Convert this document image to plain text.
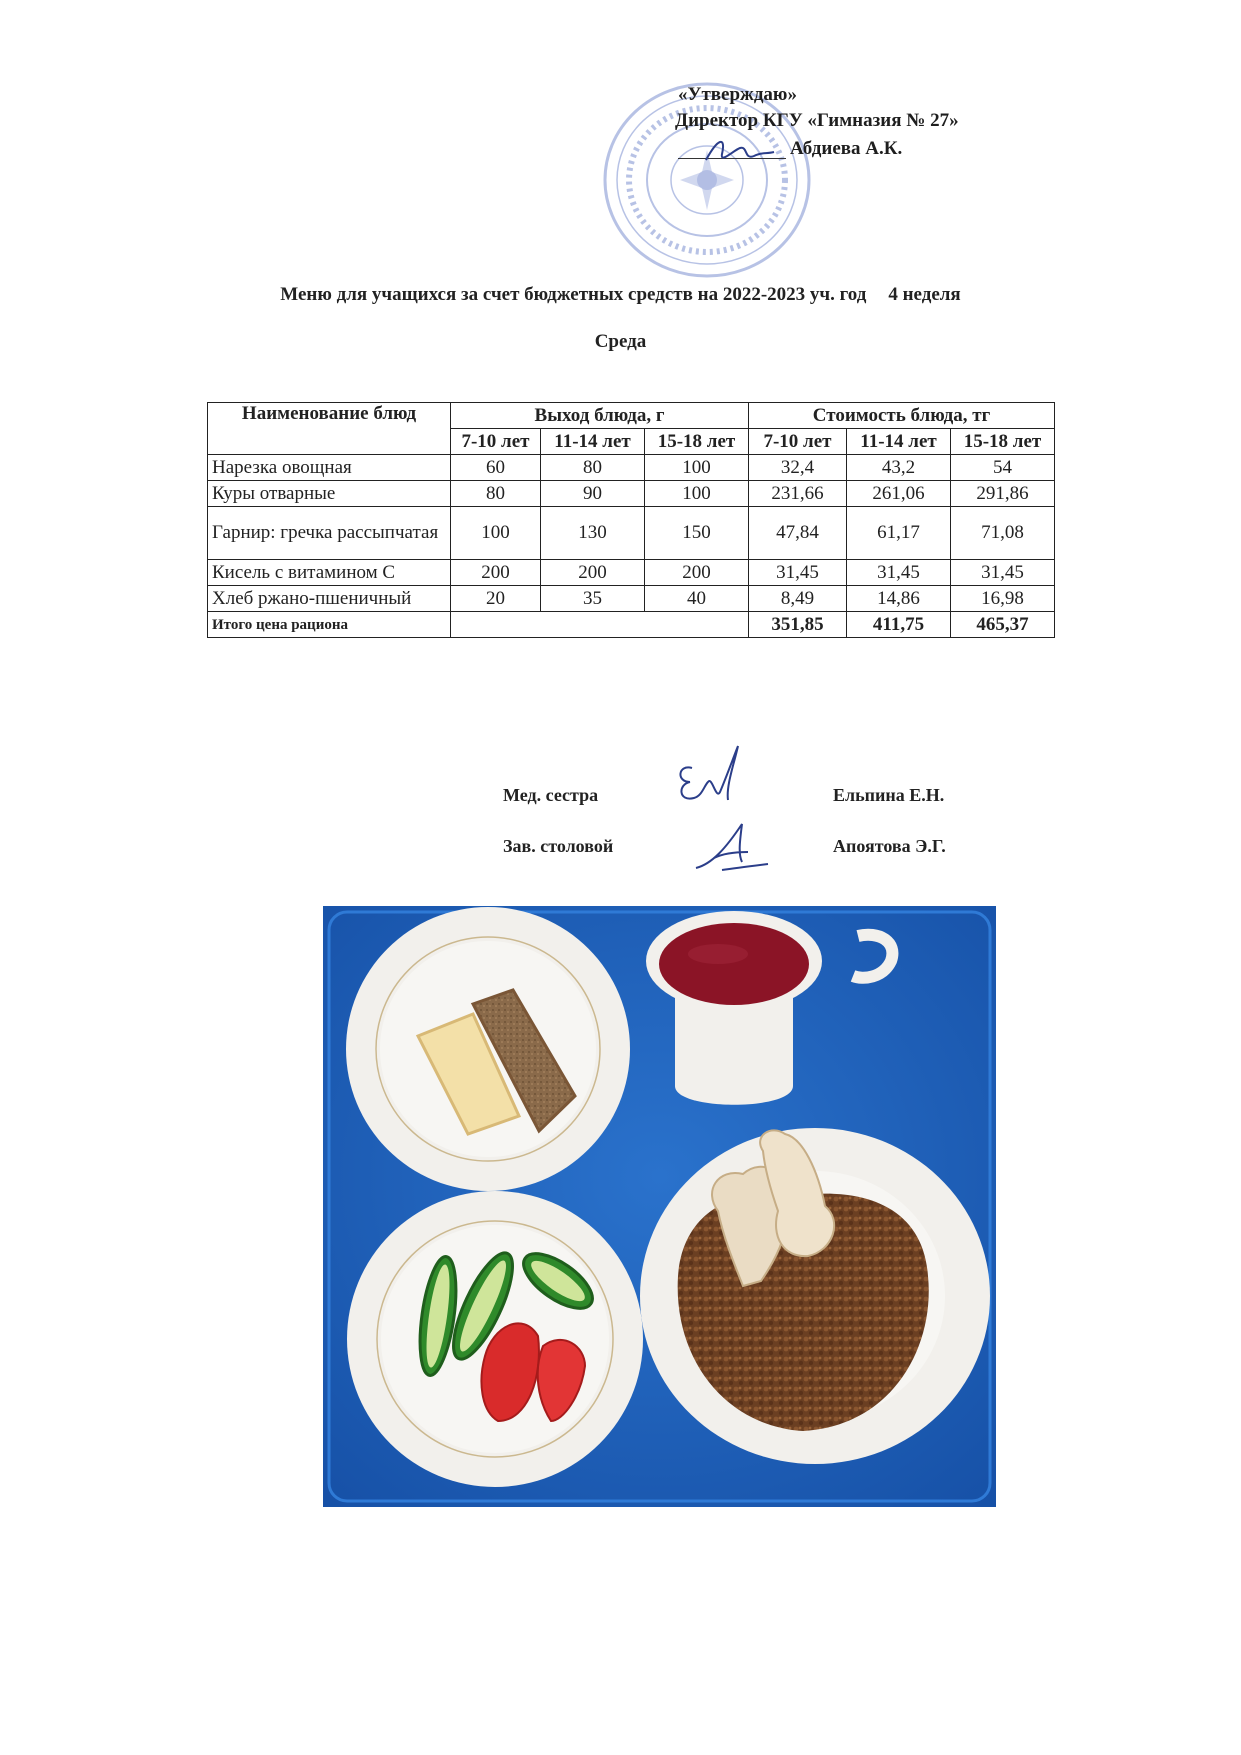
«Утверждаю»
Директор КГУ «Гимназия № 27»
Абдиева А.К.
Меню для учащихся за счет бюджетных средств на 2022-2023 уч. год 4 неделя
Среда
Наименование блюд	Выход блюда, г			Стоимость блюда, тг		
	7-10 лет	11-14 лет	15-18 лет	7-10 лет	11-14 лет	15-18 лет
Нарезка овощная	60	80	100	32,4	43,2	54
Куры отварные	80	90	100	231,66	261,06	291,86
Гарнир: гречка рассыпчатая	100	130	150	47,84	61,17	71,08
Кисель с витамином С	200	200	200	31,45	31,45	31,45
Хлеб ржано-пшеничный	20	35	40	8,49	14,86	16,98
Итого цена рациона				351,85	411,75	465,37
Мед. сестра	Ельпина Е.Н.
Зав. столовой	Апоятова Э.Г.
